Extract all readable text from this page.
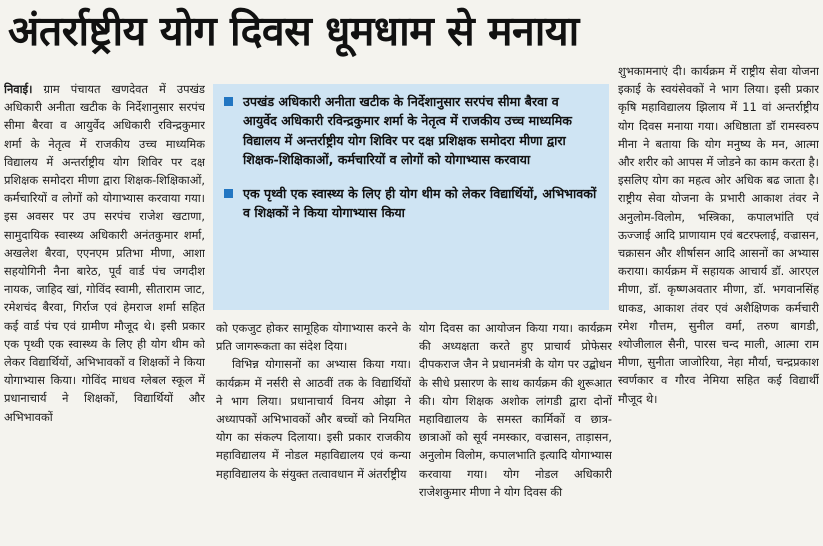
अंतर्राष्ट्रीय योग दिवस धूमधाम से मनाया

निवाई। ग्राम पंचायत खणदेवत में उपखंड अधिकारी अनीता खटीक के निर्देशानुसार सरपंच सीमा बैरवा व आयुर्वेद अधिकारी रविन्द्रकुमार शर्मा के नेतृत्व में राजकीय उच्च माध्यमिक विद्यालय में अन्तर्राष्ट्रीय योग शिविर पर दक्ष प्रशिक्षक समोदरा मीणा द्वारा शिक्षक-शिक्षिकाओं, कर्मचारियों व लोगों को योगाभ्यास करवाया गया। इस अवसर पर उप सरपंच राजेश खटाणा, सामुदायिक स्वास्थ्य अधिकारी अनंतकुमार शर्मा, अखलेश बैरवा, एएनएम प्रतिभा मीणा, आशा सहयोगिनी नैना बारेठ, पूर्व वार्ड पंच जगदीश नायक, जाहिद खां, गोविंद स्वामी, सीताराम जाट, रमेशचंद बैरवा, गिर्राज एवं हेमराज शर्मा सहित कई वार्ड पंच एवं ग्रामीण मौजूद थे। इसी प्रकार एक पृथ्वी एक स्वास्थ्य के लिए ही योग थीम को लेकर विद्यार्थियों, अभिभावकों व शिक्षकों ने किया योगाभ्यास किया। गोविंद माधव ग्लेबल स्कूल में प्रधानाचार्य ने शिक्षकों, विद्यार्थियों और अभिभावकों

उपखंड अधिकारी अनीता खटीक के निर्देशानुसार सरपंच सीमा बैरवा व आयुर्वेद अधिकारी रविन्द्रकुमार शर्मा के नेतृत्व में राजकीय उच्च माध्यमिक विद्यालय में अन्तर्राष्ट्रीय योग शिविर पर दक्ष प्रशिक्षक समोदरा मीणा द्वारा शिक्षक-शिक्षिकाओं, कर्मचारियों व लोगों को योगाभ्यास करवाया
एक पृथ्वी एक स्वास्थ्य के लिए ही योग थीम को लेकर विद्यार्थियों, अभिभावकों व शिक्षकों ने किया योगाभ्यास किया

को एकजुट होकर सामूहिक योगाभ्यास करने के प्रति जागरूकता का संदेश दिया।

विभिन्न योगासनों का अभ्यास किया गया। कार्यक्रम में नर्सरी से आठवीं तक के विद्यार्थियों ने भाग लिया। प्रधानाचार्य विनय ओझा ने अध्यापकों अभिभावकों और बच्चों को नियमित योग का संकल्प दिलाया। इसी प्रकार राजकीय महाविद्यालय में नोडल महाविद्यालय एवं कन्या महाविद्यालय के संयुक्त तत्वावधान में अंतर्राष्ट्रीय

योग दिवस का आयोजन किया गया। कार्यक्रम की अध्यक्षता करते हुए प्राचार्य प्रोफेसर दीपकराज जैन ने प्रधानमंत्री के योग पर उद्बोधन के सीधे प्रसारण के साथ कार्यक्रम की शुरूआत की। योग शिक्षक अशोक लांगडी द्वारा दोनों महाविद्यालय के समस्त कार्मिकों व छात्र-छात्राओं को सूर्य नमस्कार, वज्रासन, ताड़ासन, अनुलोम विलोम, कपालभाति इत्यादि योगाभ्यास करवाया गया। योग नोडल अधिकारी राजेशकुमार मीणा ने योग दिवस की

शुभकामनाएं दी। कार्यक्रम में राष्ट्रीय सेवा योजना इकाई के स्वयंसेवकों ने भाग लिया। इसी प्रकार कृषि महाविद्यालय झिलाय में 11 वां अन्तर्राष्ट्रीय योग दिवस मनाया गया। अधिष्ठाता डॉ रामस्वरुप मीना ने बताया कि योग मनुष्य के मन, आत्मा और शरीर को आपस में जोडने का काम करता है। इसलिए योग का महत्व ओर अधिक बढ जाता है। राष्ट्रीय सेवा योजना के प्रभारी आकाश तंवर ने अनुलोम-विलोम, भस्त्रिका, कपालभांति एवं ऊज्जाई आदि प्राणायाम एवं बटरफ्लाई, वज्रासन, चक्रासन और शीर्षासन आदि आसनों का अभ्यास कराया। कार्यक्रम में सहायक आचार्य डॉ. आरएल मीणा, डॉ. कृष्णअवतार मीणा, डॉ. भगवानसिंह धाकड, आकाश तंवर एवं अशैक्षिणक कर्मचारी रमेश गौत्तम, सुनील वर्मा, तरुण बागडी, श्योजीलाल सैनी, पारस चन्द माली, आत्मा राम मीणा, सुनीता जाजोरिया, नेहा मौर्या, चन्द्रप्रकाश स्वर्णकार व गौरव नेमिया सहित कई विद्यार्थी मौजूद थे।
